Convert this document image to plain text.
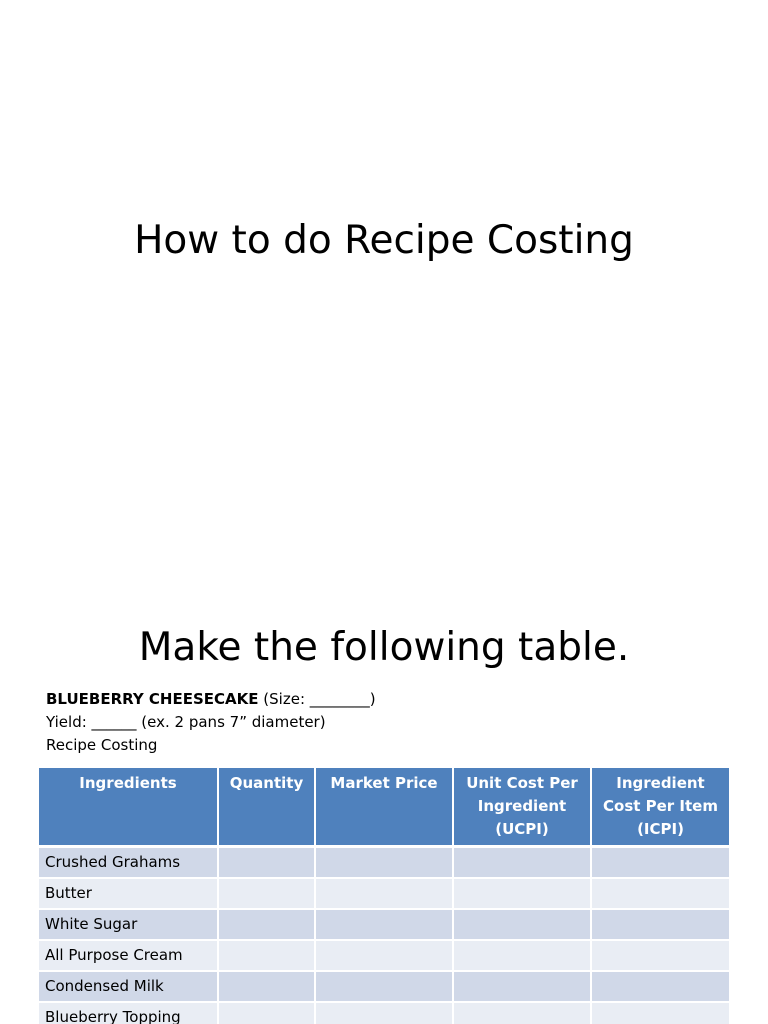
How to do Recipe Costing
Make the following table.
BLUEBERRY CHEESECAKE (Size: ________)
Yield: ______ (ex. 2 pans 7” diameter)
Recipe Costing
Ingredients	Quantity	Market Price	Unit Cost Per Ingredient (UCPI)	Ingredient Cost Per Item (ICPI)
Crushed Grahams				
Butter				
White Sugar				
All Purpose Cream				
Condensed Milk				
Blueberry Topping				
